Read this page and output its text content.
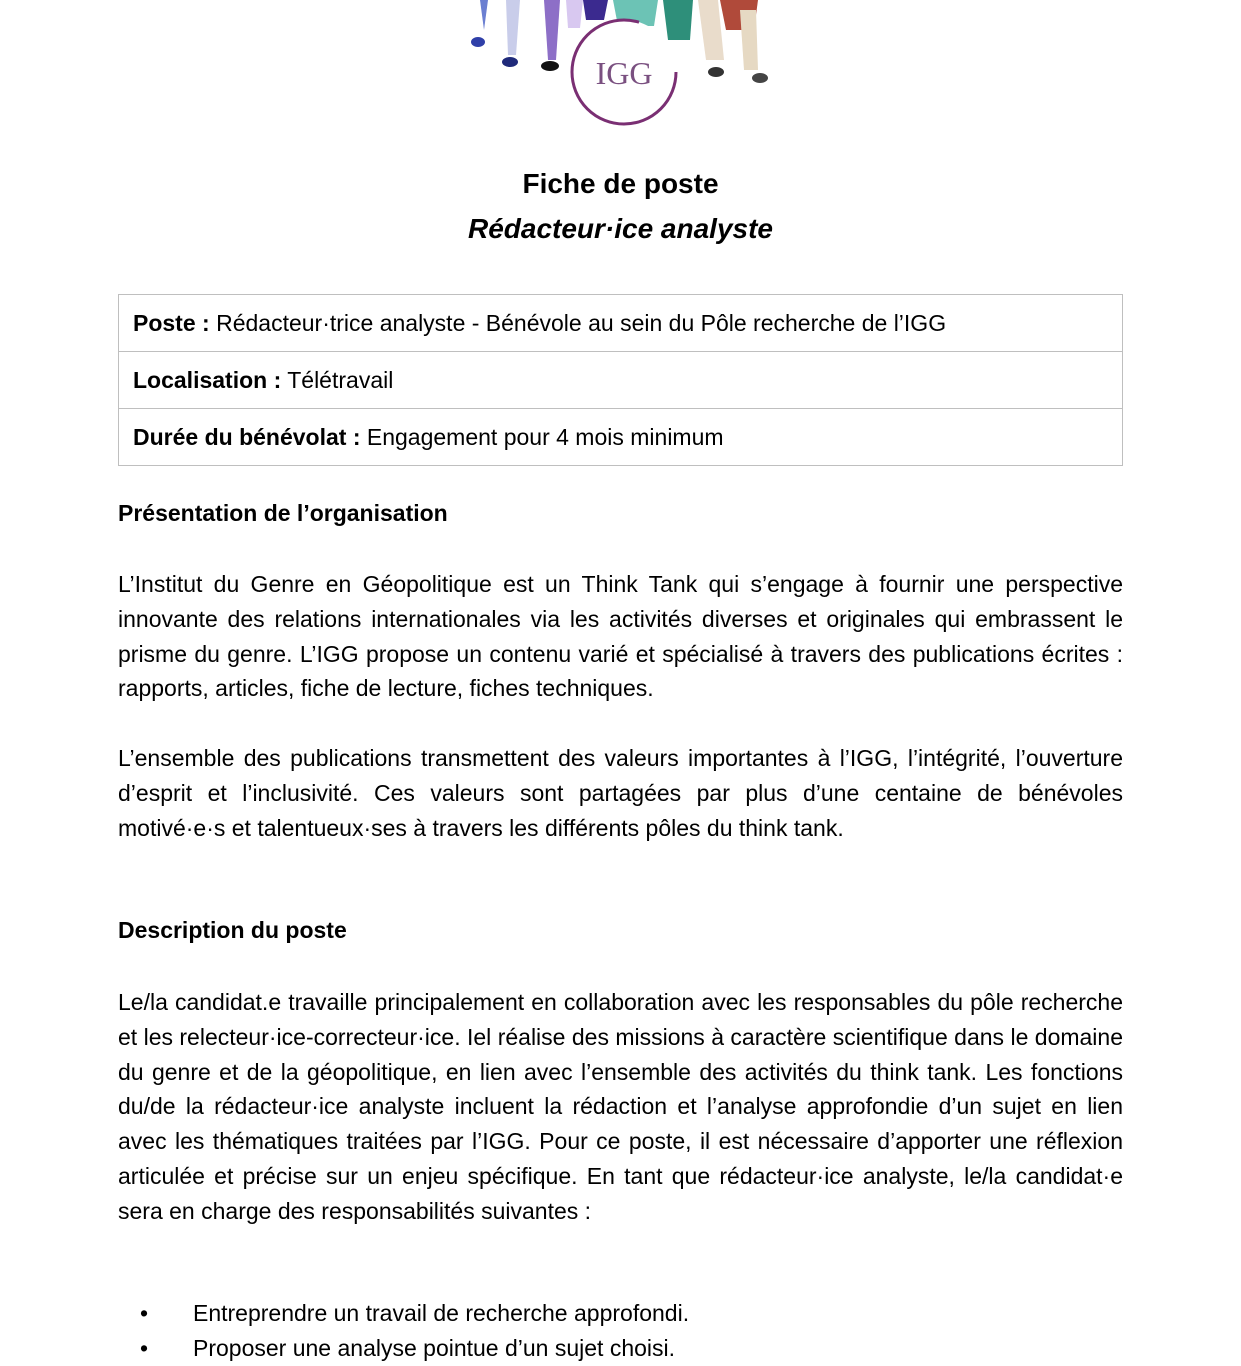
IGG
Fiche de poste
Rédacteur·ice analyste
Poste : Rédacteur·trice analyste - Bénévole au sein du Pôle recherche de l’IGG
Localisation : Télétravail
Durée du bénévolat : Engagement pour 4 mois minimum
Présentation de l’organisation

L’Institut du Genre en Géopolitique est un Think Tank qui s’engage à fournir une perspective innovante des relations internationales via les activités diverses et originales qui embrassent le prisme du genre. L’IGG propose un contenu varié et spécialisé à travers des publications écrites : rapports, articles, fiche de lecture, fiches techniques.

L’ensemble des publications transmettent des valeurs importantes à l’IGG, l’intégrité, l’ouverture d’esprit et l’inclusivité. Ces valeurs sont partagées par plus d’une centaine de bénévoles motivé·e·s et talentueux·ses à travers les différents pôles du think tank.

Description du poste

Le/la candidat.e travaille principalement en collaboration avec les responsables du pôle recherche et les relecteur·ice-correcteur·ice. Iel réalise des missions à caractère scientifique dans le domaine du genre et de la géopolitique, en lien avec l’ensemble des activités du think tank. Les fonctions du/de la rédacteur·ice analyste incluent la rédaction et l’analyse approfondie d’un sujet en lien avec les thématiques traitées par l’IGG. Pour ce poste, il est nécessaire d’apporter une réflexion articulée et précise sur un enjeu spécifique. En tant que rédacteur·ice analyste, le/la candidat·e sera en charge des responsabilités suivantes :

• Entreprendre un travail de recherche approfondi.
• Proposer une analyse pointue d’un sujet choisi.
